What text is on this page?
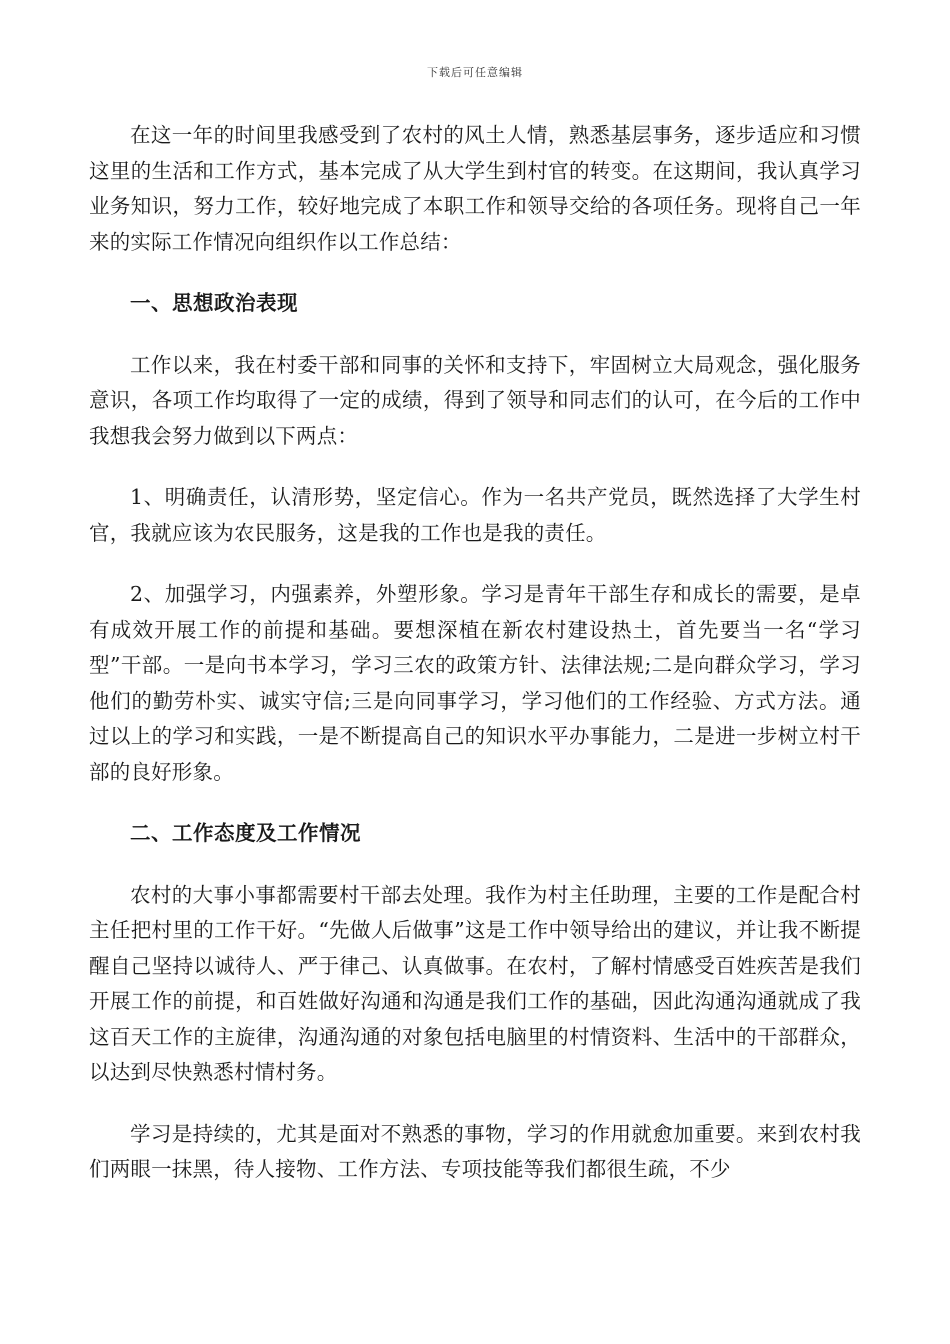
下载后可任意编辑

在这一年的时间里我感受到了农村的风土人情，熟悉基层事务，逐步适应和习惯这里的生活和工作方式，基本完成了从大学生到村官的转变。在这期间，我认真学习业务知识，努力工作，较好地完成了本职工作和领导交给的各项任务。现将自己一年来的实际工作情况向组织作以工作总结：

一、思想政治表现

工作以来，我在村委干部和同事的关怀和支持下，牢固树立大局观念，强化服务意识，各项工作均取得了一定的成绩，得到了领导和同志们的认可，在今后的工作中我想我会努力做到以下两点：

1、明确责任，认清形势，坚定信心。作为一名共产党员，既然选择了大学生村官，我就应该为农民服务，这是我的工作也是我的责任。

2、加强学习，内强素养，外塑形象。学习是青年干部生存和成长的需要，是卓有成效开展工作的前提和基础。要想深植在新农村建设热土，首先要当一名“学习型”干部。一是向书本学习，学习三农的政策方针、法律法规;二是向群众学习，学习他们的勤劳朴实、诚实守信;三是向同事学习，学习他们的工作经验、方式方法。通过以上的学习和实践，一是不断提高自己的知识水平办事能力，二是进一步树立村干部的良好形象。

二、工作态度及工作情况

农村的大事小事都需要村干部去处理。我作为村主任助理，主要的工作是配合村主任把村里的工作干好。“先做人后做事”这是工作中领导给出的建议，并让我不断提醒自己坚持以诚待人、严于律己、认真做事。在农村，了解村情感受百姓疾苦是我们开展工作的前提，和百姓做好沟通和沟通是我们工作的基础，因此沟通沟通就成了我这百天工作的主旋律，沟通沟通的对象包括电脑里的村情资料、生活中的干部群众，以达到尽快熟悉村情村务。

学习是持续的，尤其是面对不熟悉的事物，学习的作用就愈加重要。来到农村我们两眼一抹黑，待人接物、工作方法、专项技能等我们都很生疏，不少
